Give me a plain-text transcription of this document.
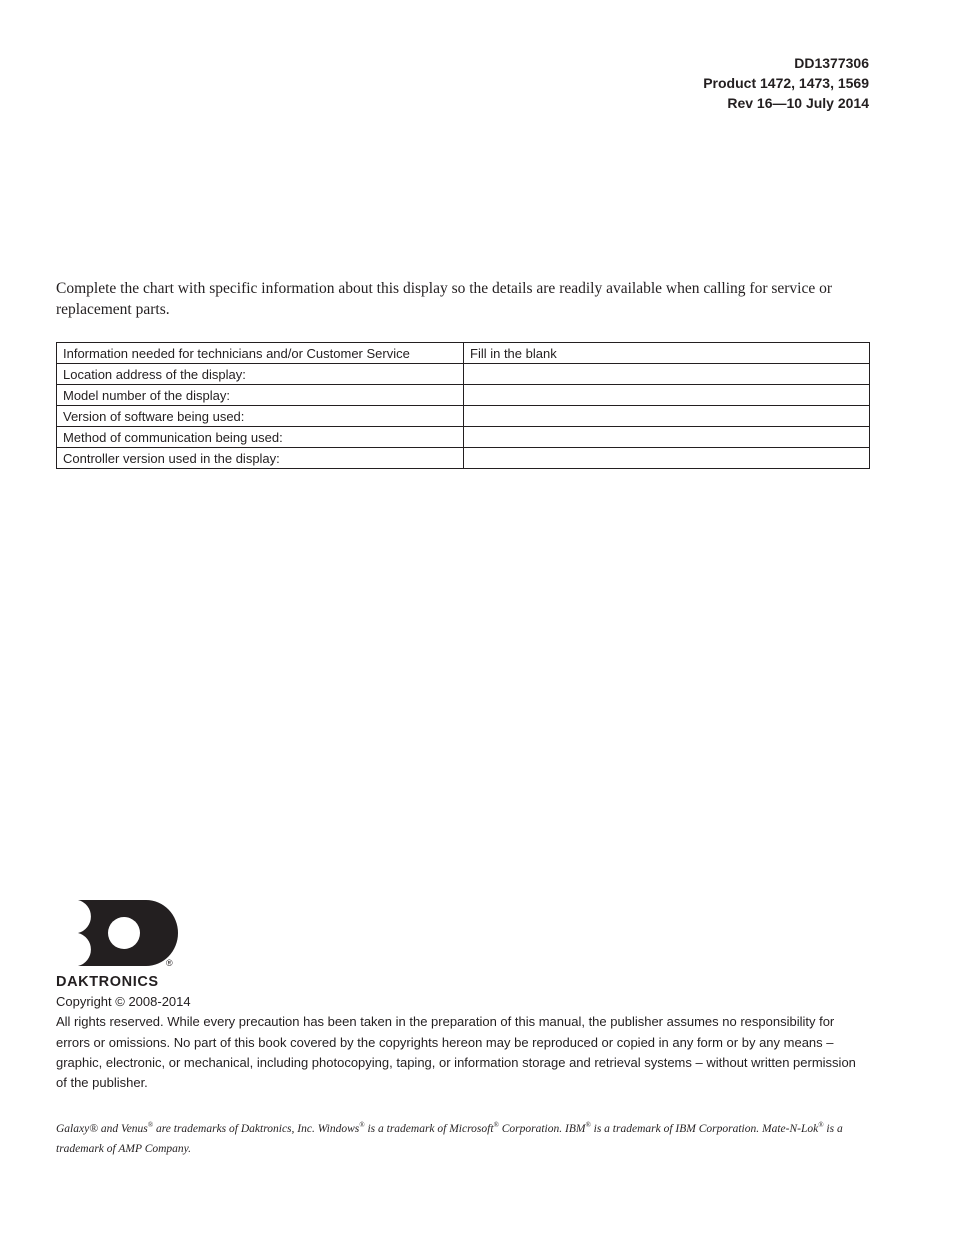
DD1377306
Product 1472, 1473, 1569
Rev 16—10 July 2014
Complete the chart with specific information about this display so the details are readily available when calling for service or replacement parts.
Information needed for technicians and/or Customer Service	Fill in the blank
Location address of the display:	
Model number of the display:	
Version of software being used:	
Method of communication being used:	
Controller version used in the display:	
®
DAKTRONICS
Copyright © 2008-2014
All rights reserved. While every precaution has been taken in the preparation of this manual, the publisher assumes no responsibility for errors or omissions. No part of this book covered by the copyrights hereon may be reproduced or copied in any form or by any means – graphic, electronic, or mechanical, including photocopying, taping, or information storage and retrieval systems – without written permission of the publisher.
Galaxy® and Venus® are trademarks of Daktronics, Inc. Windows® is a trademark of Microsoft® Corporation. IBM® is a trademark of IBM Corporation. Mate-N-Lok® is a trademark of AMP Company.
